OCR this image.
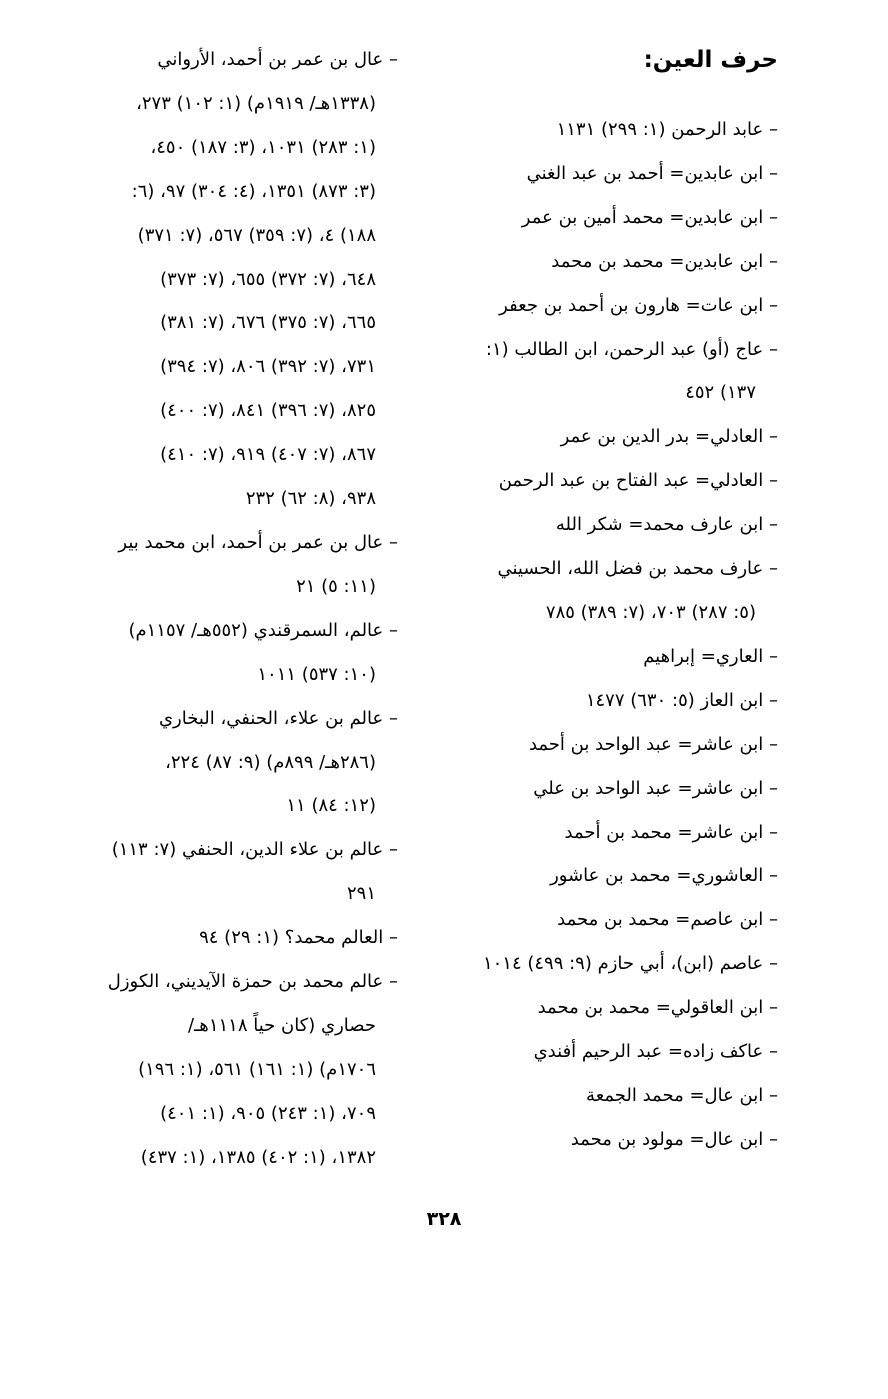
حرف العين:
– عابد الرحمن (١: ٢٩٩) ١١٣١
– ابن عابدين= أحمد بن عبد الغني
– ابن عابدين= محمد أمين بن عمر
– ابن عابدين= محمد بن محمد
– ابن عات= هارون بن أحمد بن جعفر
– عاج (أو) عبد الرحمن، ابن الطالب (١:
١٣٧) ٤٥٢
– العادلي= بدر الدين بن عمر
– العادلي= عبد الفتاح بن عبد الرحمن
– ابن عارف محمد= شكر الله
– عارف محمد بن فضل الله، الحسيني
(٥: ٢٨٧) ٧٠٣، (٧: ٣٨٩) ٧٨٥
– العاري= إبراهيم
– ابن العاز (٥: ٦٣٠) ١٤٧٧
– ابن عاشر= عبد الواحد بن أحمد
– ابن عاشر= عبد الواحد بن علي
– ابن عاشر= محمد بن أحمد
– العاشوري= محمد بن عاشور
– ابن عاصم= محمد بن محمد
– عاصم (ابن)، أبي حازم (٩: ٤٩٩) ١٠١٤
– ابن العاقولي= محمد بن محمد
– عاكف زاده= عبد الرحيم أفندي
– ابن عال= محمد الجمعة
– ابن عال= مولود بن محمد
– عال بن عمر بن أحمد، الأرواني
(١٣٣٨هـ/ ١٩١٩م) (١: ١٠٢) ٢٧٣،
(١: ٢٨٣) ١٠٣١، (٣: ١٨٧) ٤٥٠،
(٣: ٨٧٣) ١٣٥١، (٤: ٣٠٤) ٩٧، (٦:
١٨٨) ٤، (٧: ٣٥٩) ٥٦٧، (٧: ٣٧١)
٦٤٨، (٧: ٣٧٢) ٦٥٥، (٧: ٣٧٣)
٦٦٥، (٧: ٣٧٥) ٦٧٦، (٧: ٣٨١)
٧٣١، (٧: ٣٩٢) ٨٠٦، (٧: ٣٩٤)
٨٢٥، (٧: ٣٩٦) ٨٤١، (٧: ٤٠٠)
٨٦٧، (٧: ٤٠٧) ٩١٩، (٧: ٤١٠)
٩٣٨، (٨: ٦٢) ٢٣٢
– عال بن عمر بن أحمد، ابن محمد بير
(١١: ٥) ٢١
– عالم، السمرقندي (٥٥٢هـ/ ١١٥٧م)
(١٠: ٥٣٧) ١٠١١
– عالم بن علاء، الحنفي، البخاري
(٢٨٦هـ/ ٨٩٩م) (٩: ٨٧) ٢٢٤،
(١٢: ٨٤) ١١
– عالم بن علاء الدين، الحنفي (٧: ١١٣)
٢٩١
– العالم محمد؟ (١: ٢٩) ٩٤
– عالم محمد بن حمزة الآيديني، الكوزل
حصاري (كان حياً ١١١٨هـ/
١٧٠٦م) (١: ١٦١) ٥٦١، (١: ١٩٦)
٧٠٩، (١: ٢٤٣) ٩٠٥، (١: ٤٠١)
١٣٨٢، (١: ٤٠٢) ١٣٨٥، (١: ٤٣٧)
٣٢٨
